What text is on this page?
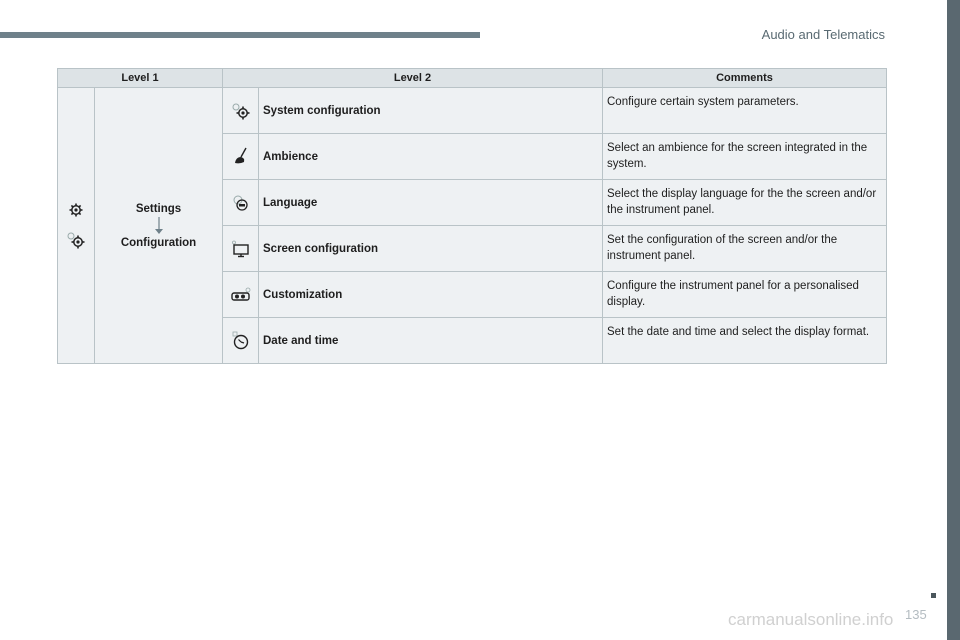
Audio and Telematics
Level 1		Level 2		Comments

Settings
Configuration		System configuration	Configure certain system parameters.

	Ambience	Select an ambience for the screen integrated in the system.

	Language	Select the display language for the the screen and/or the instrument panel.

	Screen configuration	Set the configuration of the screen and/or the instrument panel.

	Customization	Configure the instrument panel for a personalised display.

	Date and time	Set the date and time and select the display format.
135
carmanualsonline.info
